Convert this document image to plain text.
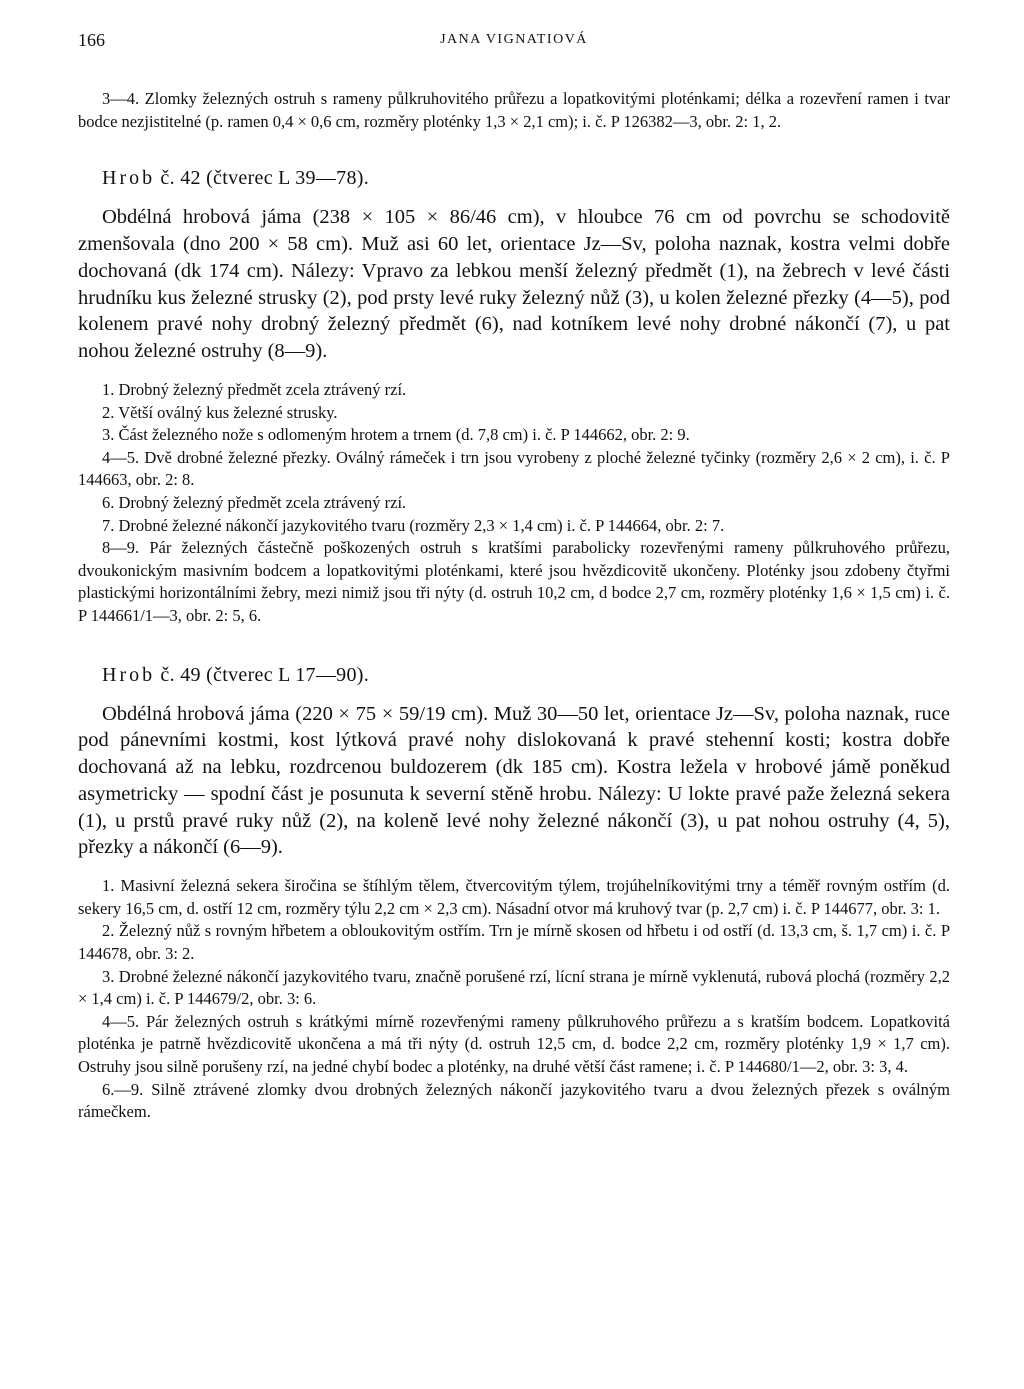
166	JANA VIGNATIOVÁ

3—4. Zlomky železných ostruh s rameny půlkruhovitého průřezu a lopatkovitými ploténkami; délka a rozevření ramen i tvar bodce nezjistitelné (p. ramen 0,4 × 0,6 cm, rozměry ploténky 1,3 × 2,1 cm); i. č. P 126382—3, obr. 2: 1, 2.

Hrob č. 42 (čtverec L 39—78).

Obdélná hrobová jáma (238 × 105 × 86/46 cm), v hloubce 76 cm od povrchu se schodovitě zmenšovala (dno 200 × 58 cm). Muž asi 60 let, orientace Jz—Sv, poloha naznak, kostra velmi dobře dochovaná (dk 174 cm). Nálezy: Vpravo za lebkou menší železný předmět (1), na žebrech v levé části hrudníku kus železné strusky (2), pod prsty levé ruky železný nůž (3), u kolen železné přezky (4—5), pod kolenem pravé nohy drobný železný předmět (6), nad kotníkem levé nohy drobné nákončí (7), u pat nohou železné ostruhy (8—9).

1. Drobný železný předmět zcela ztrávený rzí.

2. Větší oválný kus železné strusky.

3. Část železného nože s odlomeným hrotem a trnem (d. 7,8 cm) i. č. P 144662, obr. 2: 9.

4—5. Dvě drobné železné přezky. Oválný rámeček i trn jsou vyrobeny z ploché železné tyčinky (rozměry 2,6 × 2 cm), i. č. P 144663, obr. 2: 8.

6. Drobný železný předmět zcela ztrávený rzí.

7. Drobné železné nákončí jazykovitého tvaru (rozměry 2,3 × 1,4 cm) i. č. P 144664, obr. 2: 7.

8—9. Pár železných částečně poškozených ostruh s kratšími parabolicky rozevřenými rameny půlkruhového průřezu, dvoukonickým masivním bodcem a lopatkovitými ploténkami, které jsou hvězdicovitě ukončeny. Ploténky jsou zdobeny čtyřmi plastickými horizontálními žebry, mezi nimiž jsou tři nýty (d. ostruh 10,2 cm, d bodce 2,7 cm, rozměry ploténky 1,6 × 1,5 cm) i. č. P 144661/1—3, obr. 2: 5, 6.

Hrob č. 49 (čtverec L 17—90).

Obdélná hrobová jáma (220 × 75 × 59/19 cm). Muž 30—50 let, orientace Jz—Sv, poloha naznak, ruce pod pánevními kostmi, kost lýtková pravé nohy dislokovaná k pravé stehenní kosti; kostra dobře dochovaná až na lebku, rozdrcenou buldozerem (dk 185 cm). Kostra ležela v hrobové jámě poněkud asymetricky — spodní část je posunuta k severní stěně hrobu. Nálezy: U lokte pravé paže železná sekera (1), u prstů pravé ruky nůž (2), na koleně levé nohy železné nákončí (3), u pat nohou ostruhy (4, 5), přezky a nákončí (6—9).

1. Masivní železná sekera širočina se štíhlým tělem, čtvercovitým týlem, trojúhelníkovitými trny a téměř rovným ostřím (d. sekery 16,5 cm, d. ostří 12 cm, rozměry týlu 2,2 cm × 2,3 cm). Násadní otvor má kruhový tvar (p. 2,7 cm) i. č. P 144677, obr. 3: 1.

2. Železný nůž s rovným hřbetem a obloukovitým ostřím. Trn je mírně skosen od hřbetu i od ostří (d. 13,3 cm, š. 1,7 cm) i. č. P 144678, obr. 3: 2.

3. Drobné železné nákončí jazykovitého tvaru, značně porušené rzí, lícní strana je mírně vyklenutá, rubová plochá (rozměry 2,2 × 1,4 cm) i. č. P 144679/2, obr. 3: 6.

4—5. Pár železných ostruh s krátkými mírně rozevřenými rameny půlkruhového průřezu a s kratším bodcem. Lopatkovitá ploténka je patrně hvězdicovitě ukončena a má tři nýty (d. ostruh 12,5 cm, d. bodce 2,2 cm, rozměry ploténky 1,9 × 1,7 cm). Ostruhy jsou silně porušeny rzí, na jedné chybí bodec a ploténky, na druhé větší část ramene; i. č. P 144680/1—2, obr. 3: 3, 4.

6.—9. Silně ztrávené zlomky dvou drobných železných nákončí jazykovitého tvaru a dvou železných přezek s oválným rámečkem.
